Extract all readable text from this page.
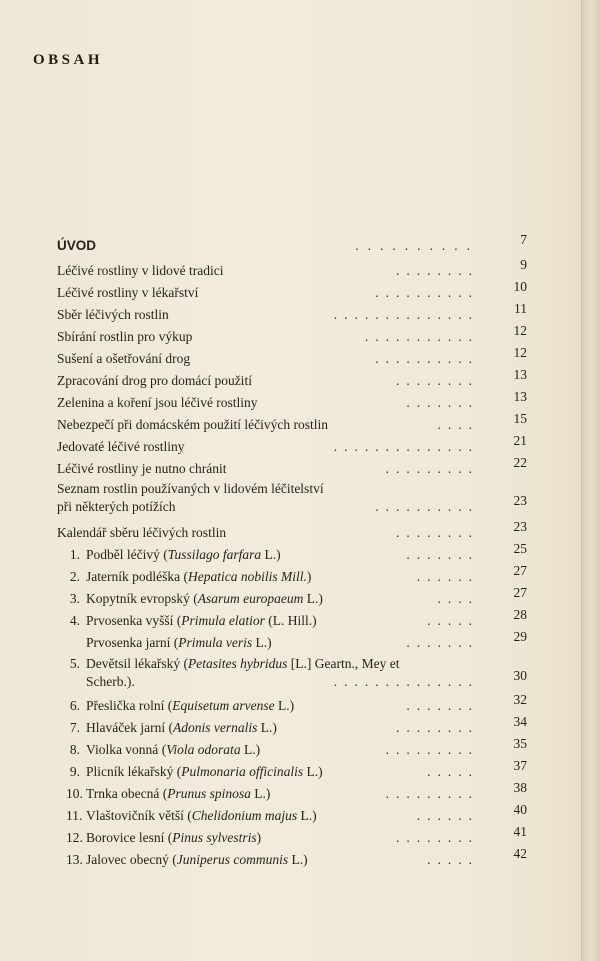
OBSAH
ÚVOD	..........	7
Léčivé rostliny v lidové tradici	........	9
Léčivé rostliny v lékařství	..........	10
Sběr léčivých rostlin	..............	11
Sbírání rostlin pro výkup	...........	12
Sušení a ošetřování drog	..........	12
Zpracování drog pro domácí použití	........	13
Zelenina a koření jsou léčivé rostliny	.......	13
Nebezpečí při domácském použití léčivých rostlin	....	15
Jedovaté léčivé rostliny	..............	21
Léčivé rostliny je nutno chránit	.........	22
Seznam rostlin používaných v lidovém léčitelství
při některých potížích	..........	23
Kalendář sběru léčivých rostlin	........	23
1. Podběl léčivý (Tussilago farfara L.)	.......	25
2. Jaterník podléška (Hepatica nobilis Mill.)	......	27
3. Kopytník evropský (Asarum europaeum L.)	....	27
4. Prvosenka vyšší (Primula elatior (L. Hill.)	.....	28
Prvosenka jarní (Primula veris L.)	.......	29
5. Devětsil lékařský (Petasites hybridus [L.] Geartn., Mey et
Scherb.).	..............	30
6. Přeslička rolní (Equisetum arvense L.)	.......	32
7. Hlaváček jarní (Adonis vernalis L.)	........	34
8. Violka vonná (Viola odorata L.)	.........	35
9. Plicník lékařský (Pulmonaria officinalis L.)	.....	37
10. Trnka obecná (Prunus spinosa L.)	.........	38
11. Vlaštovičník větší (Chelidonium majus L.)	......	40
12. Borovice lesní (Pinus sylvestris)	........	41
13. Jalovec obecný (Juniperus communis L.)	.....	42
